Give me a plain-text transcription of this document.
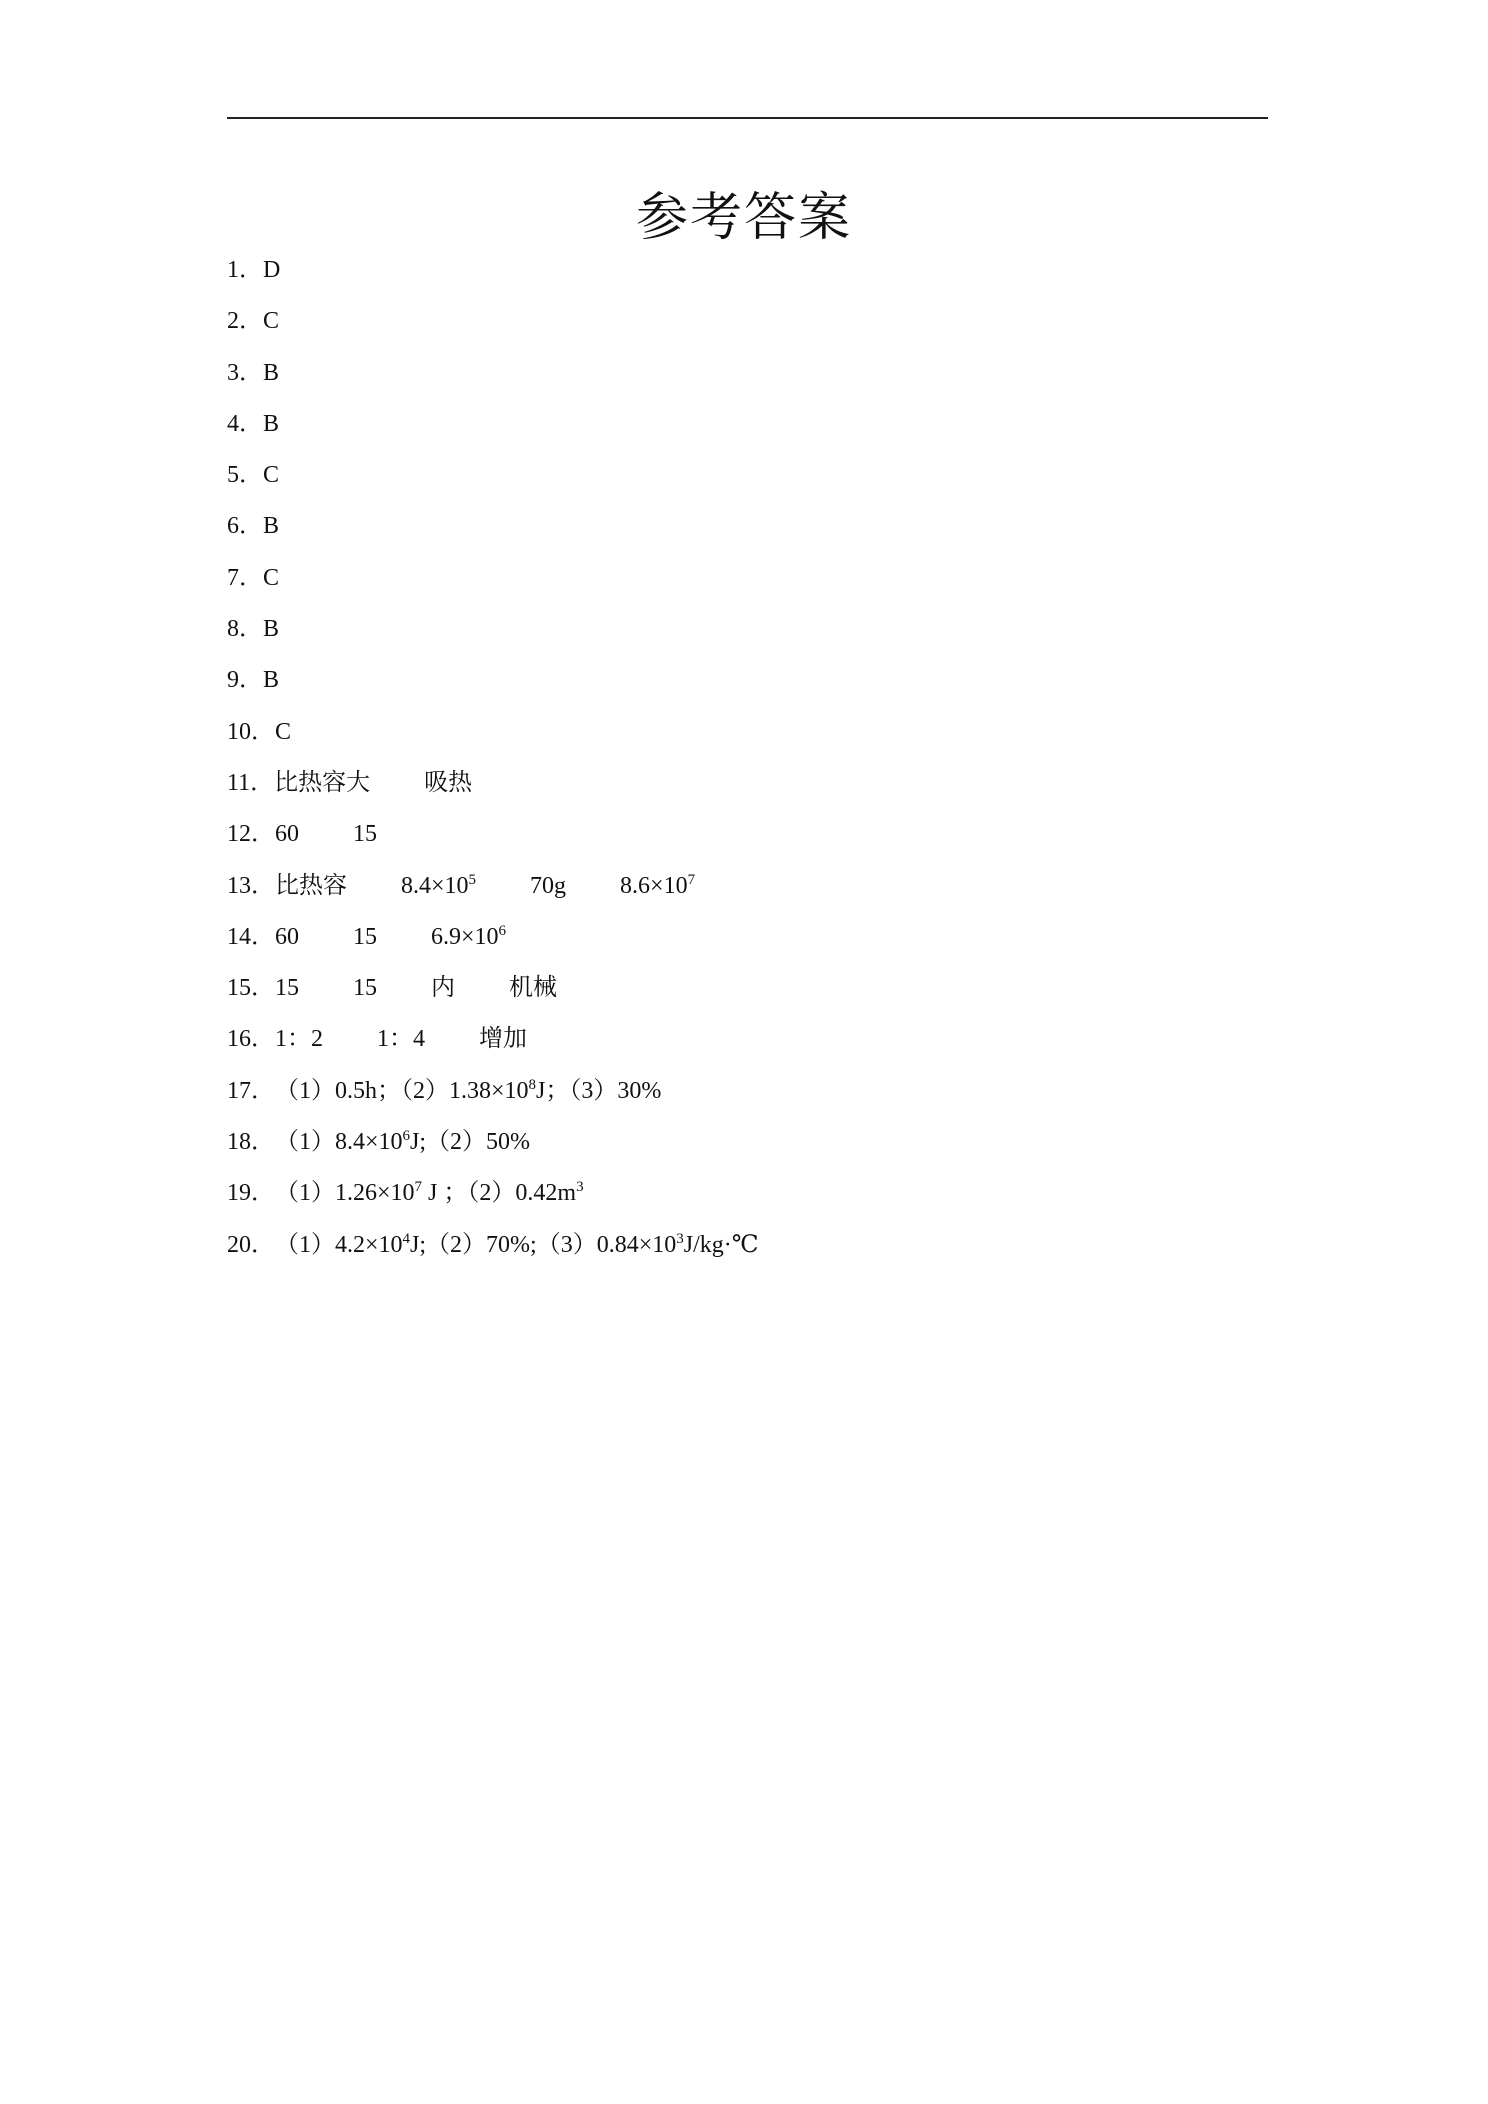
参考答案
1．D
2．C
3．B
4．B
5．C
6．B
7．C
8．B
9．B
10．C
11．比热容大 吸热
12．60 15
13．比热容 $8.4\times 10^5$ 70g $8.6\times 10^7$
14．60 15 $6.9\times 10^6$
15．15 15 内 机械
16．1：2 1：4 增加
17．（1）0.5h；$(2)1.38\times 10^8J$；（3）30%
18．$(1)8.4\times 10^6J;(2)50\%$
19．$(1)1.26\times 10^7$ J ；$(2)0.42m^3$
20．$(1)4.2\times 10^4J;(2)70\%;(3)0.84\times 10^3J/kg\cdot℃$
